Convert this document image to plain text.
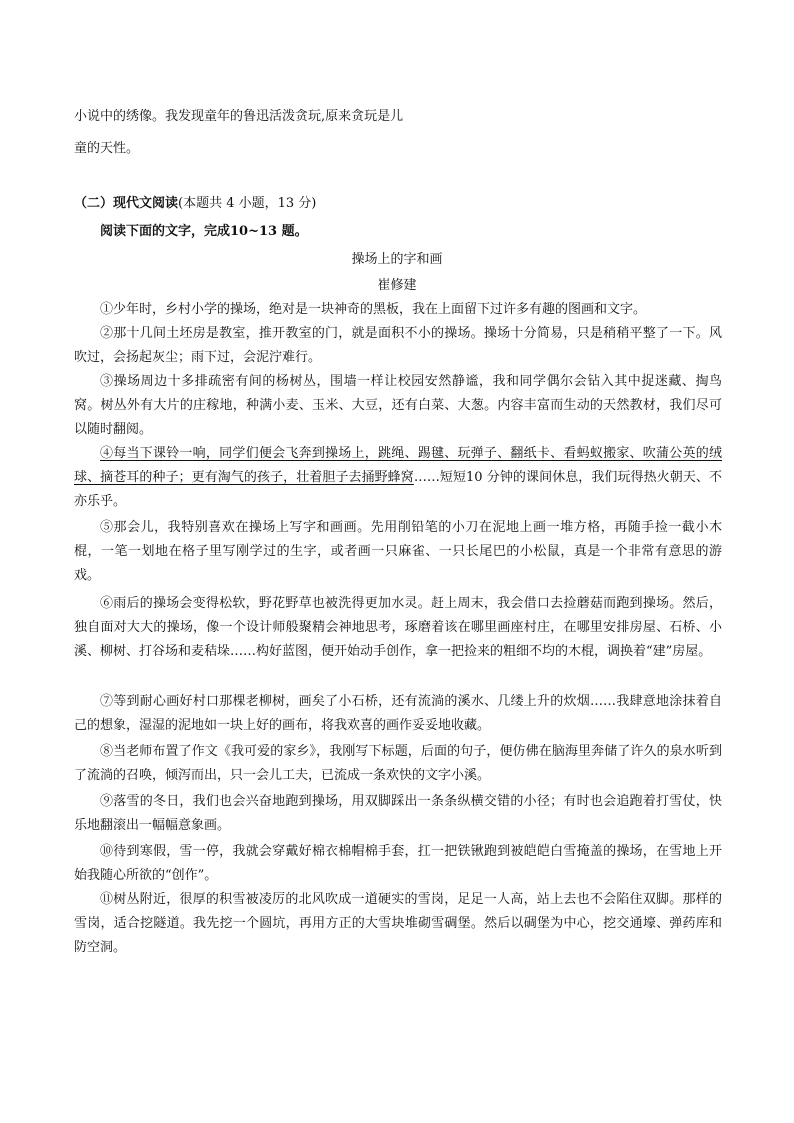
小说中的绣像。我发现童年的鲁迅活泼贪玩,原来贪玩是儿
童的天性。
（二）现代文阅读(本题共 4 小题，13 分)
阅读下面的文字，完成10~13 题。
操场上的字和画
崔修建
①少年时，乡村小学的操场，绝对是一块神奇的黑板，我在上面留下过许多有趣的图画和文字。
②那十几间土坯房是教室，推开教室的门，就是面积不小的操场。操场十分简易，只是稍稍平整了一下。风吹过，会扬起灰尘；雨下过，会泥泞难行。
③操场周边十多排疏密有间的杨树丛，围墙一样让校园安然静谧，我和同学偶尔会钻入其中捉迷藏、掏鸟窝。树丛外有大片的庄稼地，种满小麦、玉米、大豆，还有白菜、大葱。内容丰富而生动的天然教材，我们尽可以随时翻阅。
④每当下课铃一响，同学们便会飞奔到操场上，跳绳、踢毽、玩弹子、翻纸卡、看蚂蚁搬家、吹蒲公英的绒球、摘苍耳的种子；更有淘气的孩子，壮着胆子去捅野蜂窝……短短10 分钟的课间休息，我们玩得热火朝天、不亦乐乎。
⑤那会儿，我特别喜欢在操场上写字和画画。先用削铅笔的小刀在泥地上画一堆方格，再随手捡一截小木棍，一笔一划地在格子里写刚学过的生字，或者画一只麻雀、一只长尾巴的小松鼠，真是一个非常有意思的游戏。
⑥雨后的操场会变得松软，野花野草也被洗得更加水灵。赶上周末，我会借口去捡蘑菇而跑到操场。然后，独自面对大大的操场，像一个设计师般聚精会神地思考，琢磨着该在哪里画座村庄，在哪里安排房屋、石桥、小溪、柳树、打谷场和麦秸垛……构好蓝图，便开始动手创作，拿一把捡来的粗细不均的木棍，调换着“建”房屋。
⑦等到耐心画好村口那棵老柳树，画矣了小石桥，还有流淌的溪水、几缕上升的炊烟……我肆意地涂抹着自己的想象，湿湿的泥地如一块上好的画布，将我欢喜的画作妥妥地收藏。
⑧当老师布置了作文《我可爱的家乡》，我刚写下标题，后面的句子，便仿佛在脑海里奔储了许久的泉水听到了流淌的召唤，倾泻而出，只一会儿工夫，已流成一条欢快的文字小溪。
⑨落雪的冬日，我们也会兴奋地跑到操场，用双脚踩出一条条纵横交错的小径；有时也会追跑着打雪仗，快乐地翻滚出一幅幅意象画。
⑩待到寒假，雪一停，我就会穿戴好棉衣棉帽棉手套，扛一把铁锹跑到被皑皑白雪掩盖的操场，在雪地上开始我随心所欲的“创作”。
⑪树丛附近，很厚的积雪被凌厉的北风吹成一道硬实的雪岗，足足一人高，站上去也不会陷住双脚。那样的雪岗，适合挖隧道。我先挖一个圆坑，再用方正的大雪块堆砌雪碉堡。然后以碉堡为中心，挖交通壕、弹药库和防空洞。
